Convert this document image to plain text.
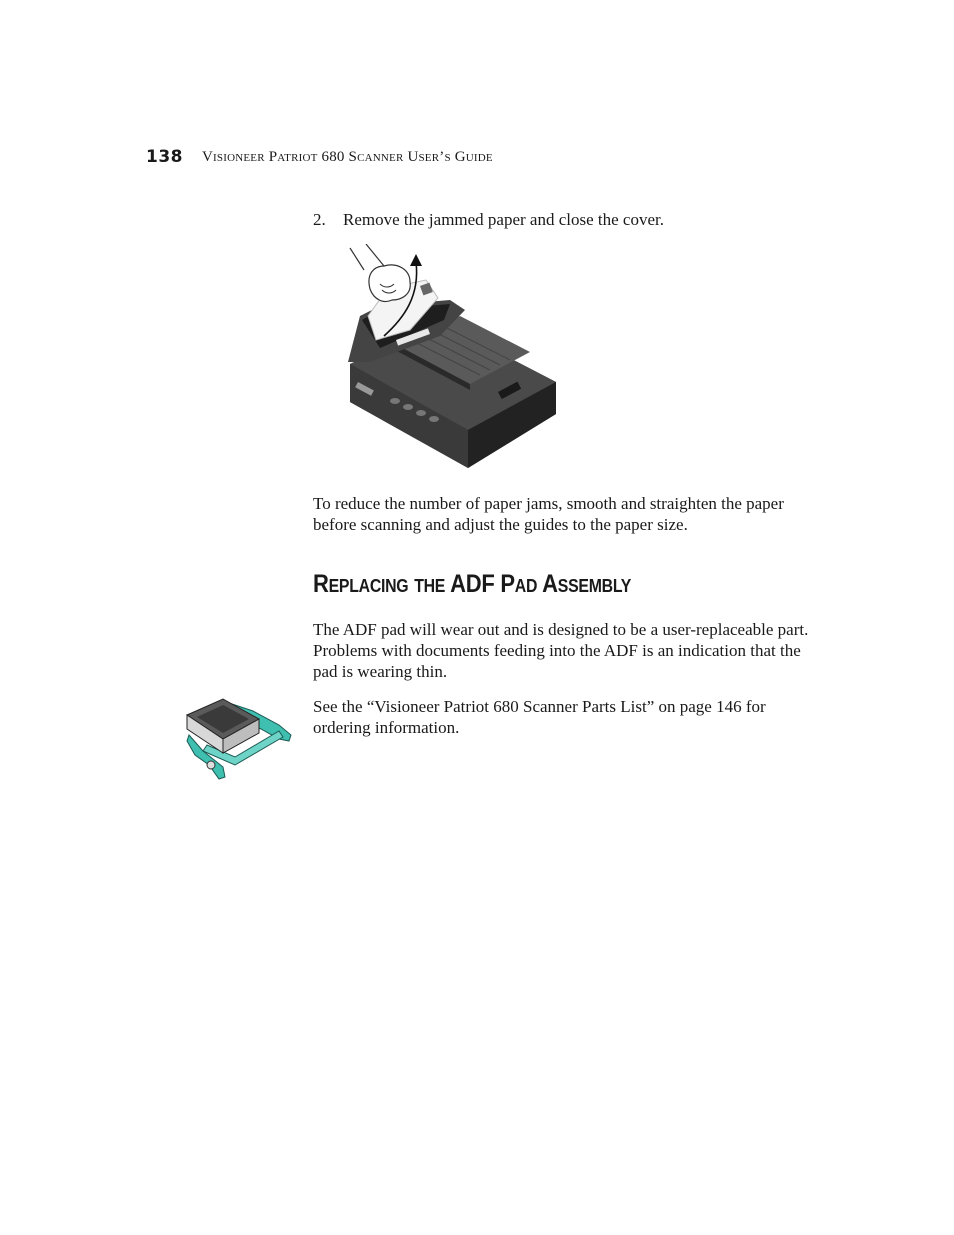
138 Visioneer Patriot 680 Scanner User’s Guide
2. Remove the jammed paper and close the cover.

To reduce the number of paper jams, smooth and straighten the paper before scanning and adjust the guides to the paper size.

Replacing the ADF Pad Assembly

The ADF pad will wear out and is designed to be a user-replaceable part. Problems with documents feeding into the ADF is an indication that the pad is wearing thin.

See the “Visioneer Patriot 680 Scanner Parts List” on page 146 for ordering information.
